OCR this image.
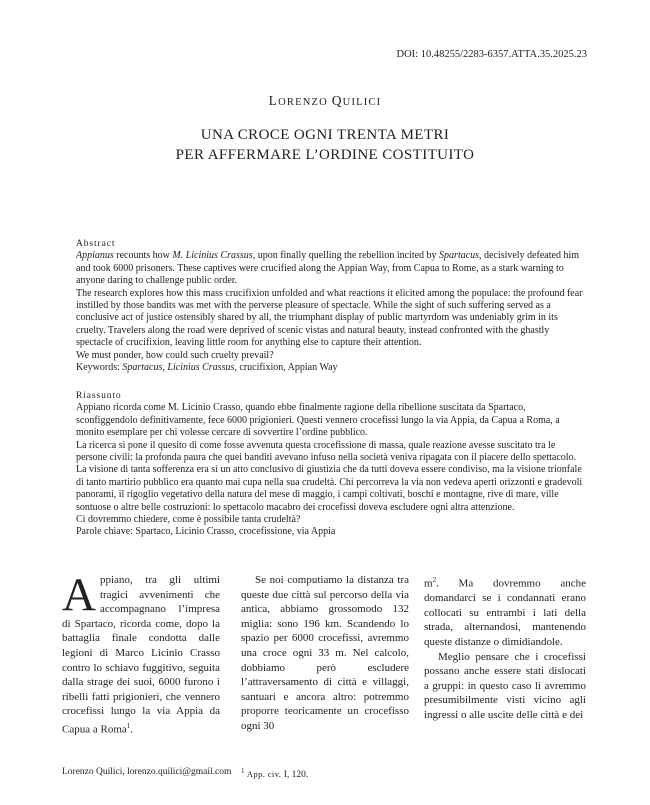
DOI: 10.48255/2283-6357.ATTA.35.2025.23
LORENZO QUILICI
UNA CROCE OGNI TRENTA METRI
PER AFFERMARE L’ORDINE COSTITUITO
Abstract

Appianus recounts how M. Licinius Crassus, upon finally quelling the rebellion incited by Spartacus, decisively defeated him and took 6000 prisoners. These captives were crucified along the Appian Way, from Capua to Rome, as a stark warning to anyone daring to challenge public order.

The research explores how this mass crucifixion unfolded and what reactions it elicited among the populace: the profound fear instilled by those bandits was met with the perverse pleasure of spectacle. While the sight of such suffering served as a conclusive act of justice ostensibly shared by all, the triumphant display of public martyrdom was undeniably grim in its cruelty. Travelers along the road were deprived of scenic vistas and natural beauty, instead confronted with the ghastly spectacle of crucifixion, leaving little room for anything else to capture their attention.

We must ponder, how could such cruelty prevail?

Keywords: Spartacus, Licinius Crassus, crucifixion, Appian Way

Riassunto

Appiano ricorda come M. Licinio Crasso, quando ebbe finalmente ragione della ribellione suscitata da Spartaco, sconfiggendolo definitivamente, fece 6000 prigionieri. Questi vennero crocefissi lungo la via Appia, da Capua a Roma, a monito esemplare per chi volesse cercare di sovvertire l’ordine pubblico.

La ricerca si pone il quesito di come fosse avvenuta questa crocefissione di massa, quale reazione avesse suscitato tra le persone civili: la profonda paura che quei banditi avevano infuso nella società veniva ripagata con il piacere dello spettacolo. La visione di tanta sofferenza era sì un atto conclusivo di giustizia che da tutti doveva essere condiviso, ma la visione trionfale di tanto martirio pubblico era quanto mai cupa nella sua crudeltà. Chi percorreva la via non vedeva aperti orizzonti e gradevoli panorami, il rigoglio vegetativo della natura del mese di maggio, i campi coltivati, boschi e montagne, rive di mare, ville sontuose o altre belle costruzioni: lo spettacolo macabro dei crocefissi doveva escludere ogni altra attenzione.

Ci dovremmo chiedere, come è possibile tanta crudeltà?

Parole chiave: Spartaco, Licinio Crasso, crocefissione, via Appia

Appiano, tra gli ultimi tragici avvenimenti che accompagnano l’impresa di Spartaco, ricorda come, dopo la battaglia finale condotta dalle legioni di Marco Licinio Crasso contro lo schiavo fuggitivo, seguita dalla strage dei suoi, 6000 furono i ribelli fatti prigionieri, che vennero crocefissi lungo la via Appia da Capua a Roma$^1$.
Se noi computiamo la distanza tra queste due città sul percorso della via antica, abbiamo grossomodo 132 miglia: sono 196 km. Scandendo lo spazio per 6000 crocefissi, avremmo una croce ogni 33 m. Nel calcolo, dobbiamo però escludere l’attraversamento di città e villaggi, santuari e ancora altro: potremmo proporre teoricamente un crocefisso ogni 30
$m^2$. Ma dovremmo anche domandarci se i condannati erano collocati su entrambi i lati della strada, alternandosi, mantenendo queste distanze o dimidiandole.
Meglio pensare che i crocefissi possano anche essere stati dislocati a gruppi: in questo caso li avremmo presumibilmente visti vicino agli ingressi o alle uscite delle città e dei
Lorenzo Quilici, lorenzo.quilici@gmail.com $^1$ App. civ. I, 120.
